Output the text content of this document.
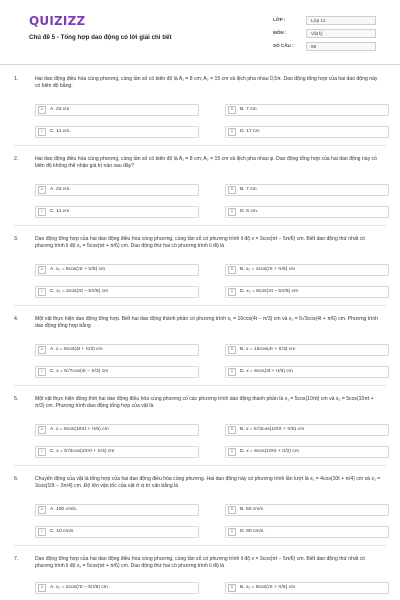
QUIZIZZ
Chủ đề 5 - Tổng hợp dao động có lời giải chi tiết
LỚP :	Lớp 12
MÔN :	Vật lý
SỐ CÂU :	69
1.	Hai dao động điều hòa cùng phương, cùng tần số có biên độ là A₁ = 8 cm; A₂ = 15 cm và lệch pha nhau 0,5π. Dao động tổng hợp của hai dao động này có biên độ bằng:
A	A. 23 cm	B	B. 7 cm
C	C. 11 cm.	D	D. 17 cm
2.	Hai dao động điều hòa cùng phương, cùng tần số có biên độ là A₁ = 8 cm; A₂ = 15 cm và lệch pha nhau φ. Dao động tổng hợp của hai dao động này có biên độ không thể nhận giá trị nào sau đây?
A	A. 23 cm.	B	B. 7 cm
C	C. 11 cm	D	D. 6 cm.
3.	Dao động tổng hợp của hai dao động điều hòa cùng phương, cùng tần số có phương trình li độ x = 3cos(πt − 5π/6) cm. Biết dao động thứ nhất có phương trình li độ x₁ = 5cos(πt + π/6) cm. Dao động thứ hai có phương trình li độ là
A	A. x₂ = 8cos(πt + π/6) cm	B	B. x₂ = 2cos(πt + π/6) cm
C	C. x₂ = 2cos(πt − 5π/6) cm	D	D. x₂ = 8cos(πt − 5π/6) cm
4.	Một vật thực hiện dao động tổng hợp. Biết hai dao động thành phần có phương trình x₁ = 10cos(4t − π/3) cm và x₂ = 5√3cos(4t + π/6) cm. Phương trình dao động tổng hợp bằng
A	A. x = 5cos(4t + π/3) cm	B	B. x = 15cos(4t + π/3) cm
C	C. x = 5√7cos(4t − π/3) cm	D	D. x = 5cos(4t + π/6) cm
5.	Một vật thực hiện đồng thời hai dao động điều hòa cùng phương có các phương trình dao động thành phần là x₁ = 5cos(10πt) cm và x₂ = 5cos(10πt + π/3) cm. Phương trình dao động tổng hợp của vật là
A	A. x = 5cos(10πt + π/6) cm	B	B. x = 5√3cos(10πt + π/6) cm
C	C. x = 5√3cos(10πt + π/4) cm	D	D. x = 5cos(10πt + π/2) cm
6.	Chuyển động của vật là tổng hợp của hai dao động điều hòa cùng phương. Hai dao động này có phương trình lần lượt là x₁ = 4cos(10t + π/4) cm và x₂ = 3cos(10t − 3π/4) cm. Độ lớn vận tốc của vật ở vị trí cân bằng là
A	A. 100 cm/s.	B	B. 50 cm/s
C	C. 10 cm/s	D	D. 80 cm/s.
7.	Dao động tổng hợp của hai dao động điều hòa cùng phương, cùng tần số có phương trình li độ x = 3cos(πt − 5π/6) cm. Biết dao động thứ nhất có phương trình li độ x₁ = 5cos(πt + π/6) cm. Dao động thứ hai có phương trình li độ là
A	A. x₂ = 2cos(πt − 5π/6) cm	B	B. x₂ = 8cos(πt + π/6) cm
